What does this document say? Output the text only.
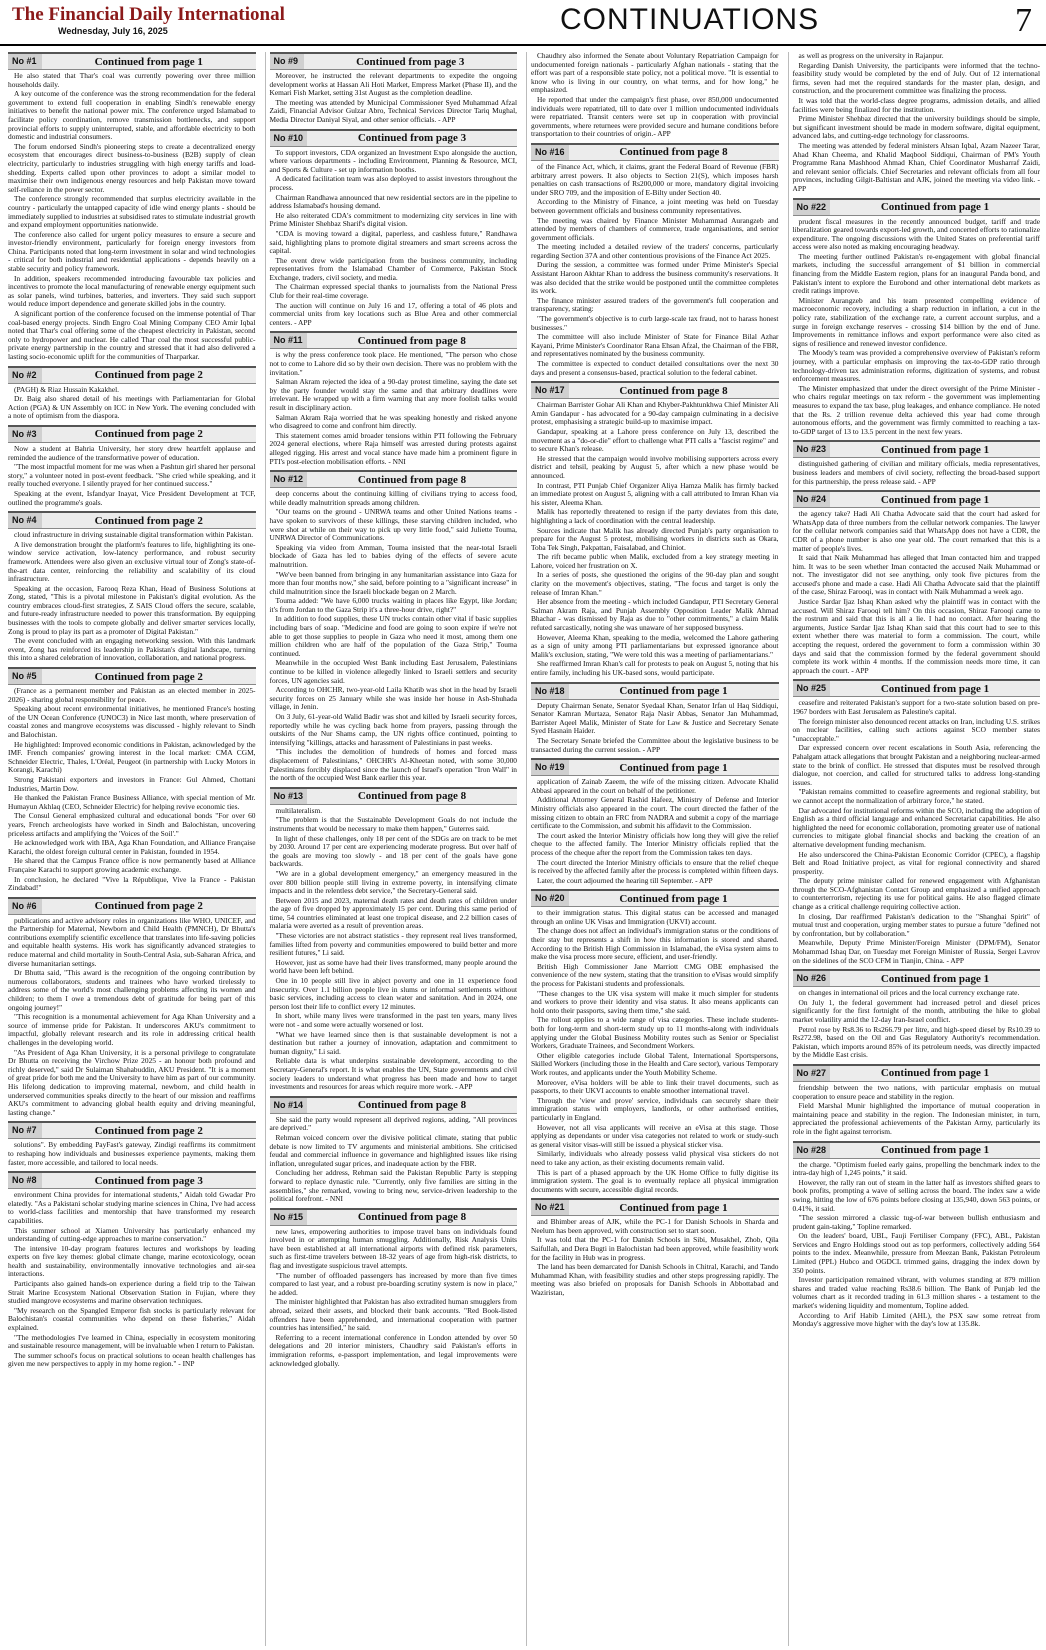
The Financial Daily International
Wednesday, July 16, 2025	CONTINUATIONS	7
No #1	Continued from page 1

He also stated that Thar's coal was currently powering over three million households daily.

A key outcome of the conference was the strong recommendation for the federal government to extend full cooperation in enabling Sindh's renewable energy initiatives to benefit the national power mix. The conference urged Islamabad to facilitate policy coordination, remove transmission bottlenecks, and support provincial efforts to supply uninterrupted, stable, and affordable electricity to both domestic and industrial consumers.

The forum endorsed Sindh's pioneering steps to create a decentralized energy ecosystem that encourages direct business-to-business (B2B) supply of clean electricity, particularly to industries struggling with high energy tariffs and load-shedding. Experts called upon other provinces to adopt a similar model to maximise their own indigenous energy resources and help Pakistan move toward self-reliance in the power sector.

The conference strongly recommended that surplus electricity available in the country - particularly the untapped capacity of idle wind energy plants - should be immediately supplied to industries at subsidised rates to stimulate industrial growth and expand employment opportunities nationwide.

The conference also called for urgent policy measures to ensure a secure and investor-friendly environment, particularly for foreign energy investors from China. Participants noted that long-term investment in solar and wind technologies - critical for both industrial and residential applications - depends heavily on a stable security and policy framework.

In addition, speakers recommended introducing favourable tax policies and incentives to promote the local manufacturing of renewable energy equipment such as solar panels, wind turbines, batteries, and inverters. They said such support would reduce import dependence and generate skilled jobs in the country.

A significant portion of the conference focused on the immense potential of Thar coal-based energy projects. Sindh Engro Coal Mining Company CEO Amir Iqbal noted that Thar's coal offering some of the cheapest electricity in Pakistan, second only to hydropower and nuclear. He called Thar coal the most successful public-private energy partnership in the country and stressed that it had also delivered a lasting socio-economic uplift for the communities of Tharparkar.

No #2	Continued from page 2

(PAGH) & Riaz Hussain Kakakhel.

Dr. Baig also shared detail of his meetings with Parliamentarian for Global Action (PGA) & UN Assembly on ICC in New York. The evening concluded with a note of optimism from the diaspora.

No #3	Continued from page 2

Now a student at Bahria University, her story drew heartfelt applause and reminded the audience of the transformative power of education.

"The most impactful moment for me was when a Pashtun girl shared her personal story," a volunteer noted in post-event feedback. "She cried while speaking, and it really touched everyone. I silently prayed for her continued success."

Speaking at the event, Isfandyar Inayat, Vice President Development at TCF, outlined the programme's goals.

No #4	Continued from page 2

cloud infrastructure in driving sustainable digital transformation within Pakistan.

A live demonstration brought the platform's features to life, highlighting its one-window service activation, low-latency performance, and robust security framework. Attendees were also given an exclusive virtual tour of Zong's state-of-the-art data center, reinforcing the reliability and scalability of its cloud infrastructure.

Speaking at the occasion, Farooq Reza Khan, Head of Business Solutions at Zong, stated, "This is a pivotal milestone in Pakistan's digital evolution. As the country embraces cloud-first strategies, Z SAIS Cloud offers the secure, scalable, and future-ready infrastructure needed to power this transformation. By equipping businesses with the tools to compete globally and deliver smarter services locally, Zong is proud to play its part as a promoter of Digital Pakistan."

The event concluded with an engaging networking session. With this landmark event, Zong has reinforced its leadership in Pakistan's digital landscape, turning this into a shared celebration of innovation, collaboration, and national progress.

No #5	Continued from page 2

(France as a permanent member and Pakistan as an elected member in 2025-2026) - sharing global responsibility for peace.

Speaking about recent environmental initiatives, he mentioned France's hosting of the UN Ocean Conference (UNOC3) in Nice last month, where preservation of coastal zones and mangrove ecosystems was discussed - highly relevant to Sindh and Balochistan.

He highlighted: Improved economic conditions in Pakistan, acknowledged by the IMF. French companies' growing interest in the local market: CMA CGM, Schneider Electric, Thales, L'Oréal, Peugeot (in partnership with Lucky Motors in Korangi, Karachi)

Strong Pakistani exporters and investors in France: Gul Ahmed, Chottani Industries, Martin Dow.

He thanked the Pakistan France Business Alliance, with special mention of Mr. Humayun Akhlaq (CEO, Schneider Electric) for helping revive economic ties.

The Consul General emphasized cultural and educational bonds "For over 60 years, French archeologists have worked in Sindh and Balochistan, uncovering priceless artifacts and amplifying the 'Voices of the Soil'."

He acknowledged work with IBA, Aga Khan Foundation, and Alliance Française Karachi, the oldest foreign cultural center in Pakistan, founded in 1954.

He shared that the Campus France office is now permanently based at Alliance Française Karachi to support growing academic exchange.

In conclusion, he declared "Vive la République, Vive la France - Pakistan Zindabad!"

No #6	Continued from page 2

publications and active advisory roles in organizations like WHO, UNICEF, and the Partnership for Maternal, Newborn and Child Health (PMNCH), Dr Bhutta's contributions exemplify scientific excellence that translates into life-saving policies and equitable health systems. His work has significantly advanced strategies to reduce maternal and child mortality in South-Central Asia, sub-Saharan Africa, and diverse humanitarian settings.

Dr Bhutta said, "This award is the recognition of the ongoing contribution by numerous collaborators, students and trainees who have worked tirelessly to address some of the world's most challenging problems affecting its women and children; to them I owe a tremendous debt of gratitude for being part of this ongoing journey!"

"This recognition is a monumental achievement for Aga Khan University and a source of immense pride for Pakistan. It underscores AKU's commitment to impactful, globally relevant research and its role in addressing critical health challenges in the developing world.

"As President of Aga Khan University, it is a personal privilege to congratulate Dr Bhutta on receiving the Virchow Prize 2025 - an honour both profound and richly deserved," said Dr Sulaiman Shahabuddin, AKU President. "It is a moment of great pride for both me and the University to have him as part of our community. His lifelong dedication to improving maternal, newborn, and child health in underserved communities speaks directly to the heart of our mission and reaffirms AKU's commitment to advancing global health equity and driving meaningful, lasting change."

No #7	Continued from page 2

solutions". By embedding PayFast's gateway, Zindigi reaffirms its commitment to reshaping how individuals and businesses experience payments, making them faster, more accessible, and tailored to local needs.

No #8	Continued from page 3

environment China provides for international students," Aidah told Gwadar Pro elatedly. "As a Pakistani scholar studying marine sciences in China, I've had access to world-class facilities and mentorship that have transformed my research capabilities.

This summer school at Xiamen University has particularly enhanced my understanding of cutting-edge approaches to marine conservation."

The intensive 10-day program features lectures and workshops by leading experts on five key themes: global climate change, marine ecotoxicology, ocean health and sustainability, environmentally innovative technologies and air-sea interactions.

Participants also gained hands-on experience during a field trip to the Taiwan Strait Marine Ecosystem National Observation Station in Fujian, where they studied mangrove ecosystems and marine observation techniques.

"My research on the Spangled Emperor fish stocks is particularly relevant for Balochistan's coastal communities who depend on these fisheries," Aidah explained.

"The methodologies I've learned in China, especially in ecosystem monitoring and sustainable resource management, will be invaluable when I return to Pakistan.

The summer school's focus on practical solutions to ocean health challenges has given me new perspectives to apply in my home region." - INP

No #9	Continued from page 3

Moreover, he instructed the relevant departments to expedite the ongoing development works at Hassan Ali Hoti Market, Empress Market (Phase II), and the Kemari Fish Market, setting 31st August as the completion deadline.

The meeting was attended by Municipal Commissioner Syed Muhammad Afzal Zaidi, Financial Advisor Gulzar Abro, Technical Services Director Tariq Mughal, Media Director Daniyal Siyal, and other senior officials. - APP

No #10	Continued from page 3

To support investors, CDA organized an Investment Expo alongside the auction, where various departments - including Environment, Planning & Resource, MCI, and Sports & Culture - set up information booths.

A dedicated facilitation team was also deployed to assist investors throughout the process.

Chairman Randhawa announced that new residential sectors are in the pipeline to address Islamabad's housing demand.

He also reiterated CDA's commitment to modernizing city services in line with Prime Minister Shehbaz Sharif's digital vision.

"CDA is moving toward a digital, paperless, and cashless future," Randhawa said, highlighting plans to promote digital streamers and smart screens across the capital.

The event drew wide participation from the business community, including representatives from the Islamabad Chamber of Commerce, Pakistan Stock Exchange, traders, civil society, and media.

The Chairman expressed special thanks to journalists from the National Press Club for their real-time coverage.

The auction will continue on July 16 and 17, offering a total of 46 plots and commercial units from key locations such as Blue Area and other commercial centers. - APP

No #11	Continued from page 8

is why the press conference took place. He mentioned, "The person who chose not to come to Lahore did so by their own decision. There was no problem with the invitation."

Salman Akram rejected the idea of a 90-day protest timeline, saying the date set by the party founder would stay the same and that arbitrary deadlines were irrelevant. He wrapped up with a firm warning that any more foolish talks would result in disciplinary action.

Salman Akram Raja worried that he was speaking honestly and risked anyone who disagreed to come and confront him directly.

This statement comes amid broader tensions within PTI following the February 2024 general elections, where Raja himself was arrested during protests against alleged rigging. His arrest and vocal stance have made him a prominent figure in PTI's post-election mobilisation efforts. - NNI

No #12	Continued from page 8

deep concerns about the continuing killing of civilians trying to access food, while deadly malnutrition spreads among children.

"Our teams on the ground - UNRWA teams and other United Nations teams - have spoken to survivors of these killings, these starving children included, who were shot at while on their way to pick up very little food," said Juliette Touma, UNRWA Director of Communications.

Speaking via video from Amman, Touma insisted that the near-total Israeli blockade of Gaza has led to babies dying of the effects of severe acute malnutrition.

"We've been banned from bringing in any humanitarian assistance into Gaza for more than four months now," she said, before pointing to a "significant increase" in child malnutrition since the Israeli blockade began on 2 March.

Touma added: "We have 6,000 trucks waiting in places like Egypt, like Jordan; it's from Jordan to the Gaza Strip it's a three-hour drive, right?"

In addition to food supplies, these UN trucks contain other vital if basic supplies including bars of soap. "Medicine and food are going to soon expire if we're not able to get those supplies to people in Gaza who need it most, among them one million children who are half of the population of the Gaza Strip," Touma continued.

Meanwhile in the occupied West Bank including East Jerusalem, Palestinians continue to be killed in violence allegedly linked to Israeli settlers and security forces, UN agencies said.

According to OHCHR, two-year-old Laila Khatib was shot in the head by Israeli security forces on 25 January while she was inside her house in Ash-Shuhada village, in Jenin.

On 3 July, 61-year-old Walid Badir was shot and killed by Israeli security forces, reportedly while he was cycling back home from prayers, passing through the outskirts of the Nur Shams camp, the UN rights office continued, pointing to intensifying "killings, attacks and harassment of Palestinians in past weeks.

"This includes the demolition of hundreds of homes and forced mass displacement of Palestinians," OHCHR's Al-Kheetan noted, with some 30,000 Palestinians forcibly displaced since the launch of Israel's operation "Iron Wall" in the north of the occupied West Bank earlier this year.

No #13	Continued from page 8

multilateralism.

"The problem is that the Sustainable Development Goals do not include the instruments that would be necessary to make them happen," Guterres said.

In light of these challenges, only 18 per cent of the SDGs are on track to be met by 2030. Around 17 per cent are experiencing moderate progress. But over half of the goals are moving too slowly - and 18 per cent of the goals have gone backwards.

"We are in a global development emergency," an emergency measured in the over 800 billion people still living in extreme poverty, in intensifying climate impacts and in the relentless debt service," the Secretary-General said.

Between 2015 and 2023, maternal death rates and death rates of children under the age of five dropped by approximately 15 per cent. During this same period of time, 54 countries eliminated at least one tropical disease, and 2.2 billion cases of malaria were averted as a result of prevention areas.

"These victories are not abstract statistics - they represent real lives transformed, families lifted from poverty and communities empowered to build better and more resilient futures," Li said.

However, just as some have had their lives transformed, many people around the world have been left behind.

One in 10 people still live in abject poverty and one in 11 experience food insecurity. Over 1.1 billion people live in slums or informal settlements without basic services, including access to clean water and sanitation. And in 2024, one person lost their life to conflict every 12 minutes.

In short, while many lives were transformed in the past ten years, many lives were not - and some were actually worsened or lost.

"What we have learned since then is that sustainable development is not a destination but rather a journey of innovation, adaptation and commitment to human dignity," Li said.

Reliable data is what underpins sustainable development, according to the Secretary-General's report. It is what enables the UN, State governments and civil society leaders to understand what progress has been made and how to target investments and resources for areas which require more work. - APP

No #14	Continued from page 8

She said the party would represent all deprived regions, adding, "All provinces are deprived."

Rehman voiced concern over the divisive political climate, stating that public debate is now limited to TV arguments and ministerial ambitions. She criticised feudal and commercial influence in governance and highlighted issues like rising inflation, unregulated sugar prices, and inadequate action by the FBR.

Concluding her address, Rehman said the Pakistan Republic Party is stepping forward to replace dynastic rule. "Currently, only five families are sitting in the assemblies," she remarked, vowing to bring new, service-driven leadership to the political forefront. - NNI

No #15	Continued from page 8

new laws, empowering authorities to impose travel bans on individuals found involved in or attempting human smuggling. Additionally, Risk Analysis Units have been established at all international airports with defined risk parameters, such as first-time travelers between 18-32 years of age from high-risk districts, to flag and investigate suspicious travel attempts.

"The number of offloaded passengers has increased by more than five times compared to last year, and a robust pre-boarding scrutiny system is now in place," he added.

The minister highlighted that Pakistan has also extradited human smugglers from abroad, seized their assets, and blocked their bank accounts. "Red Book-listed offenders have been apprehended, and international cooperation with partner countries has intensified," he said.

Referring to a recent international conference in London attended by over 50 delegations and 20 interior ministers, Chaudhry said Pakistan's efforts in immigration reforms, e-passport implementation, and legal improvements were acknowledged globally.

Chaudhry also informed the Senate about Voluntary Repatriation Campaign for undocumented foreign nationals - particularly Afghan nationals - stating that the effort was part of a responsible state policy, not a political move. "It is essential to know who is living in our country, on what terms, and for how long," he emphasized.

He reported that under the campaign's first phase, over 850,000 undocumented individuals were repatriated, till to date over 1 million undocumented individuals were repatriated. Transit centers were set up in cooperation with provincial governments, where returnees were provided secure and humane conditions before transportation to their countries of origin.- APP

No #16	Continued from page 8

of the Finance Act, which, it claims, grant the Federal Board of Revenue (FBR) arbitrary arrest powers. It also objects to Section 21(S), which imposes harsh penalties on cash transactions of Rs200,000 or more, mandatory digital invoicing under SRO 709, and the imposition of E-Bilty under Section 40.

According to the Ministry of Finance, a joint meeting was held on Tuesday between government officials and business community representatives.

The meeting was chaired by Finance Minister Muhammad Aurangzeb and attended by members of chambers of commerce, trade organisations, and senior government officials.

The meeting included a detailed review of the traders' concerns, particularly regarding Section 37A and other contentious provisions of the Finance Act 2025.

During the session, a committee was formed under Prime Minister's Special Assistant Haroon Akhtar Khan to address the business community's reservations. It was also decided that the strike would be postponed until the committee completes its work.

The finance minister assured traders of the government's full cooperation and transparency, stating:

"The government's objective is to curb large-scale tax fraud, not to harass honest businesses."

The committee will also include Minister of State for Finance Bilal Azhar Kayani, Prime Minister's Coordinator Rana Ehsan Afzal, the Chairman of the FBR, and representatives nominated by the business community.

The committee is expected to conduct detailed consultations over the next 30 days and present a consensus-based, practical solution to the federal cabinet.

No #17	Continued from page 8

Chairman Barrister Gohar Ali Khan and Khyber-Pakhtunkhwa Chief Minister Ali Amin Gandapur - has advocated for a 90-day campaign culminating in a decisive protest, emphasising a strategic build-up to maximise impact.

Gandapur, speaking at a Lahore press conference on July 13, described the movement as a "do-or-die" effort to challenge what PTI calls a "fascist regime" and to secure Khan's release.

He stressed that the campaign would involve mobilising supporters across every district and tehsil, peaking by August 5, after which a new phase would be announced.

In contrast, PTI Punjab Chief Organizer Aliya Hamza Malik has firmly backed an immediate protest on August 5, aligning with a call attributed to Imran Khan via his sister, Aleema Khan.

Malik has reportedly threatened to resign if the party deviates from this date, highlighting a lack of coordination with the central leadership.

Sources indicate that Malik has already directed Punjab's party organisation to prepare for the August 5 protest, mobilising workers in districts such as Okara, Toba Tek Singh, Pakpattan, Faisalabad, and Chiniot.

The rift became public when Malik, excluded from a key strategy meeting in Lahore, voiced her frustration on X.

In a series of posts, she questioned the origins of the 90-day plan and sought clarity on the movement's objectives, stating, "The focus and target is only the release of Imran Khan."

Her absence from the meeting - which included Gandapur, PTI Secretary General Salman Akram Raja, and Punjab Assembly Opposition Leader Malik Ahmad Bhachar - was dismissed by Raja as due to "other commitments," a claim Malik refuted sarcastically, noting she was unaware of her supposed busyness.

However, Aleema Khan, speaking to the media, welcomed the Lahore gathering as a sign of unity among PTI parliamentarians but expressed ignorance about Malik's exclusion, stating, "We were told this was a meeting of parliamentarians."

She reaffirmed Imran Khan's call for protests to peak on August 5, noting that his entire family, including his UK-based sons, would participate.

No #18	Continued from page 1

Deputy Chairman Senate, Senator Syedaal Khan, Senator Irfan ul Haq Siddiqui, Senator Kamran Murtaza, Senator Raja Nasir Abbas, Senator Jan Muhammad, Barrister Aqeel Malik, Minister of State for Law & Justice and Secretary Senate Syed Hasnain Haider.

The Secretary Senate briefed the Committee about the legislative business to be transacted during the current session. - APP

No #19	Continued from page 1

application of Zainab Zaeem, the wife of the missing citizen. Advocate Khalid Abbasi appeared in the court on behalf of the petitioner.

Additional Attorney General Rashid Hafeez, Ministry of Defense and Interior Ministry officials also appeared in the court. The court directed the father of the missing citizen to obtain an FRC from NADRA and submit a copy of the marriage certificate to the Commission, and submit his affidavit to the Commission.

The court asked the Interior Ministry officials how long they will give the relief cheque to the affected family. The Interior Ministry officials replied that the process of the cheque after the report from the Commission takes ten days.

The court directed the Interior Ministry officials to ensure that the relief cheque is received by the affected family after the process is completed within fifteen days.

Later, the court adjourned the hearing till September. - APP

No #20	Continued from page 1

to their immigration status. This digital status can be accessed and managed through an online UK Visas and Immigration (UKVI) account.

The change does not affect an individual's immigration status or the conditions of their stay but represents a shift in how this information is stored and shared. According to the British High Commission in Islamabad, the eVisa system aims to make the visa process more secure, efficient, and user-friendly.

British High Commissioner Jane Marriott CMG OBE emphasised the convenience of the new system, stating that the transition to eVisas would simplify the process for Pakistani students and professionals.

"These changes to the UK visa system will make it much simpler for students and workers to prove their identity and visa status. It also means applicants can hold onto their passports, saving them time," she said.

The rollout applies to a wide range of visa categories. These include students-both for long-term and short-term study up to 11 months-along with individuals applying under the Global Business Mobility routes such as Senior or Specialist Workers, Graduate Trainees, and Secondment Workers.

Other eligible categories include Global Talent, International Sportspersons, Skilled Workers (including those in the Health and Care sector), various Temporary Work routes, and applicants under the Youth Mobility Scheme.

Moreover, eVisa holders will be able to link their travel documents, such as passports, to their UKVI accounts to enable smoother international travel.

Through the 'view and prove' service, individuals can securely share their immigration status with employers, landlords, or other authorised entities, particularly in England.

However, not all visa applicants will receive an eVisa at this stage. Those applying as dependants or under visa categories not related to work or study-such as general visitor visas-will still be issued a physical sticker visa.

Similarly, individuals who already possess valid physical visa stickers do not need to take any action, as their existing documents remain valid.

This is part of a phased approach by the UK Home Office to fully digitise its immigration system. The goal is to eventually replace all physical immigration documents with secure, accessible digital records.

No #21	Continued from page 1

and Bhimber areas of AJK, while the PC-1 for Danish Schools in Sharda and Neelum has been approved, with construction set to start soon.

It was told that the PC-1 for Danish Schools in Sibi, Musakhel, Zhob, Qila Saifullah, and Dera Bugti in Balochistan had been approved, while feasibility work for the facility in Hub was in progress.

The land has been demarcated for Danish Schools in Chitral, Karachi, and Tando Muhammad Khan, with feasibility studies and other steps progressing rapidly. The meeting was also briefed on proposals for Danish Schools in Abbottabad and Waziristan,

as well as progress on the university in Rajanpur.

Regarding Danish University, the participants were informed that the techno-feasibility study would be completed by the end of July. Out of 12 international firms, seven had met the required standards for the master plan, design, and construction, and the procurement committee was finalizing the process.

It was told that the world-class degree programs, admission details, and allied facilities were being finalized for the institution.

Prime Minister Shehbaz directed that the university buildings should be simple, but significant investment should be made in modern software, digital equipment, advanced labs, and cutting-edge technology for classrooms.

The meeting was attended by federal ministers Ahsan Iqbal, Azam Nazeer Tarar, Ahad Khan Cheema, and Khalid Maqbool Siddiqui, Chairman of PM's Youth Programme Rana Mashhood Ahmad Khan, Chief Coordinator Musharraf Zaidi, and relevant senior officials. Chief Secretaries and relevant officials from all four provinces, including Gilgit-Baltistan and AJK, joined the meeting via video link. - APP

No #22	Continued from page 1

prudent fiscal measures in the recently announced budget, tariff and trade liberalization geared towards export-led growth, and concerted efforts to rationalize expenditure. The ongoing discussions with the United States on preferential tariff access were also noted as making encouraging headway.

The meeting further outlined Pakistan's re-engagement with global financial markets, including the successful arrangement of $1 billion in commercial financing from the Middle Eastern region, plans for an inaugural Panda bond, and Pakistan's intent to explore the Eurobond and other international debt markets as credit ratings improve.

Minister Aurangzeb and his team presented compelling evidence of macroeconomic recovery, including a sharp reduction in inflation, a cut in the policy rate, stabilization of the exchange rate, a current account surplus, and a surge in foreign exchange reserves - crossing $14 billion by the end of June. Improvements in remittance inflows and export performance were also cited as signs of resilience and renewed investor confidence.

The Moody's team was provided a comprehensive overview of Pakistan's reform journey, with a particular emphasis on improving the tax-to-GDP ratio through technology-driven tax administration reforms, digitization of systems, and robust enforcement measures.

The Minister emphasized that under the direct oversight of the Prime Minister - who chairs regular meetings on tax reform - the government was implementing measures to expand the tax base, plug leakages, and enhance compliance. He noted that the Rs. 2 trillion revenue delta achieved this year had come through autonomous efforts, and the government was firmly committed to reaching a tax-to-GDP target of 13 to 13.5 percent in the next few years.

No #23	Continued from page 1

distinguished gathering of civilian and military officials, media representatives, business leaders and members of civil society, reflecting the broad-based support for this partnership, the press release said. - APP

No #24	Continued from page 1

the agency take? Hadi Ali Chatha Advocate said that the court had asked for WhatsApp data of three numbers from the cellular network companies. The lawyer for the cellular network companies said that WhatsApp does not have a CDR, the CDR of a phone number is also one year old. The court remarked that this is a matter of people's lives.

It said that Naik Muhammad has alleged that Iman contacted him and trapped him. It was to be seen whether Iman contacted the accused Naik Muhammad or not. The investigator did not see anything, only took five pictures from the accused's phone and made a case. Hadi Ali Chatha Advocate said that the plaintiff of the case, Shiraz Farooqi, was in contact with Naik Muhammad a week ago.

Justice Sardar Ijaz Ishaq Khan asked why the plaintiff was in contact with the accused. Will Shiraz Farooqi tell him? On this occasion, Shiraz Farooqi came to the rostrum and said that this is all a lie. I had no contact. After hearing the arguments, Justice Sardar Ijaz Ishaq Khan said that this court had to see to this extent whether there was material to form a commission. The court, while accepting the request, ordered the government to form a commission within 30 days and said that the commission formed by the federal government should complete its work within 4 months. If the commission needs more time, it can approach the court. - APP

No #25	Continued from page 1

ceasefire and reiterated Pakistan's support for a two-state solution based on pre-1967 borders with East Jerusalem as Palestine's capital.

The foreign minister also denounced recent attacks on Iran, including U.S. strikes on nuclear facilities, calling such actions against SCO member states "unacceptable."

Dar expressed concern over recent escalations in South Asia, referencing the Pahalgam attack allegations that brought Pakistan and a neighboring nuclear-armed state to the brink of conflict. He stressed that disputes must be resolved through dialogue, not coercion, and called for structured talks to address long-standing issues.

"Pakistan remains committed to ceasefire agreements and regional stability, but we cannot accept the normalization of arbitrary force," he stated.

Dar advocated for institutional reforms within the SCO, including the adoption of English as a third official language and enhanced Secretariat capabilities. He also highlighted the need for economic collaboration, promoting greater use of national currencies to mitigate global financial shocks and backing the creation of an alternative development funding mechanism.

He also underscored the China-Pakistan Economic Corridor (CPEC), a flagship Belt and Road Initiative project, as vital for regional connectivity and shared prosperity.

The deputy prime minister called for renewed engagement with Afghanistan through the SCO-Afghanistan Contact Group and emphasized a unified approach to counterterrorism, rejecting its use for political gains. He also flagged climate change as a critical challenge requiring collective action.

In closing, Dar reaffirmed Pakistan's dedication to the "Shanghai Spirit" of mutual trust and cooperation, urging member states to pursue a future "defined not by confrontation, but by collaboration."

Meanwhile, Deputy Prime Minister/Foreign Minister (DPM/FM), Senator Mohammad Ishaq Dar, on Tuesday met Foreign Minister of Russia, Sergei Lavrov on the sidelines of the SCO CFM in Tianjin, China. - APP

No #26	Continued from page 1

on changes in international oil prices and the local currency exchange rate.

On July 1, the federal government had increased petrol and diesel prices significantly for the first fortnight of the month, attributing the hike to global market volatility amid the 12-day Iran-Israel conflict.

Petrol rose by Rs8.36 to Rs266.79 per litre, and high-speed diesel by Rs10.39 to Rs272.98, based on the Oil and Gas Regulatory Authority's recommendation. Pakistan, which imports around 85% of its petroleum needs, was directly impacted by the Middle East crisis.

No #27	Continued from page 1

friendship between the two nations, with particular emphasis on mutual cooperation to ensure peace and stability in the region.

Field Marshal Munir highlighted the importance of mutual cooperation in maintaining peace and stability in the region. The Indonesian minister, in turn, appreciated the professional achievements of the Pakistan Army, particularly its role in the fight against terrorism.

No #28	Continued from page 1

the charge. "Optimism fueled early gains, propelling the benchmark index to the intra-day high of 1,245 points," it said.

However, the rally ran out of steam in the latter half as investors shifted gears to book profits, prompting a wave of selling across the board. The index saw a wide swing, hitting the low of 676 points before closing at 135,940, down 563 points, or 0.41%, it said.

"The session mirrored a classic tug-of-war between bullish enthusiasm and prudent gain-taking," Topline remarked.

On the leaders' board, UBL, Fauji Fertiliser Company (FFC), ABL, Pakistan Services and Engro Holdings stood out as top performers, collectively adding 564 points to the index. Meanwhile, pressure from Meezan Bank, Pakistan Petroleum Limited (PPL) Hubco and OGDCL trimmed gains, dragging the index down by 350 points.

Investor participation remained vibrant, with volumes standing at 879 million shares and traded value reaching Rs38.6 billion. The Bank of Punjab led the volumes chart as it recorded trading in 61.3 million shares - a testament to the market's widening liquidity and momentum, Topline added.

According to Arif Habib Limited (AHL), the PSX saw some retreat from Monday's aggressive move higher with the day's low at 135.8k.
